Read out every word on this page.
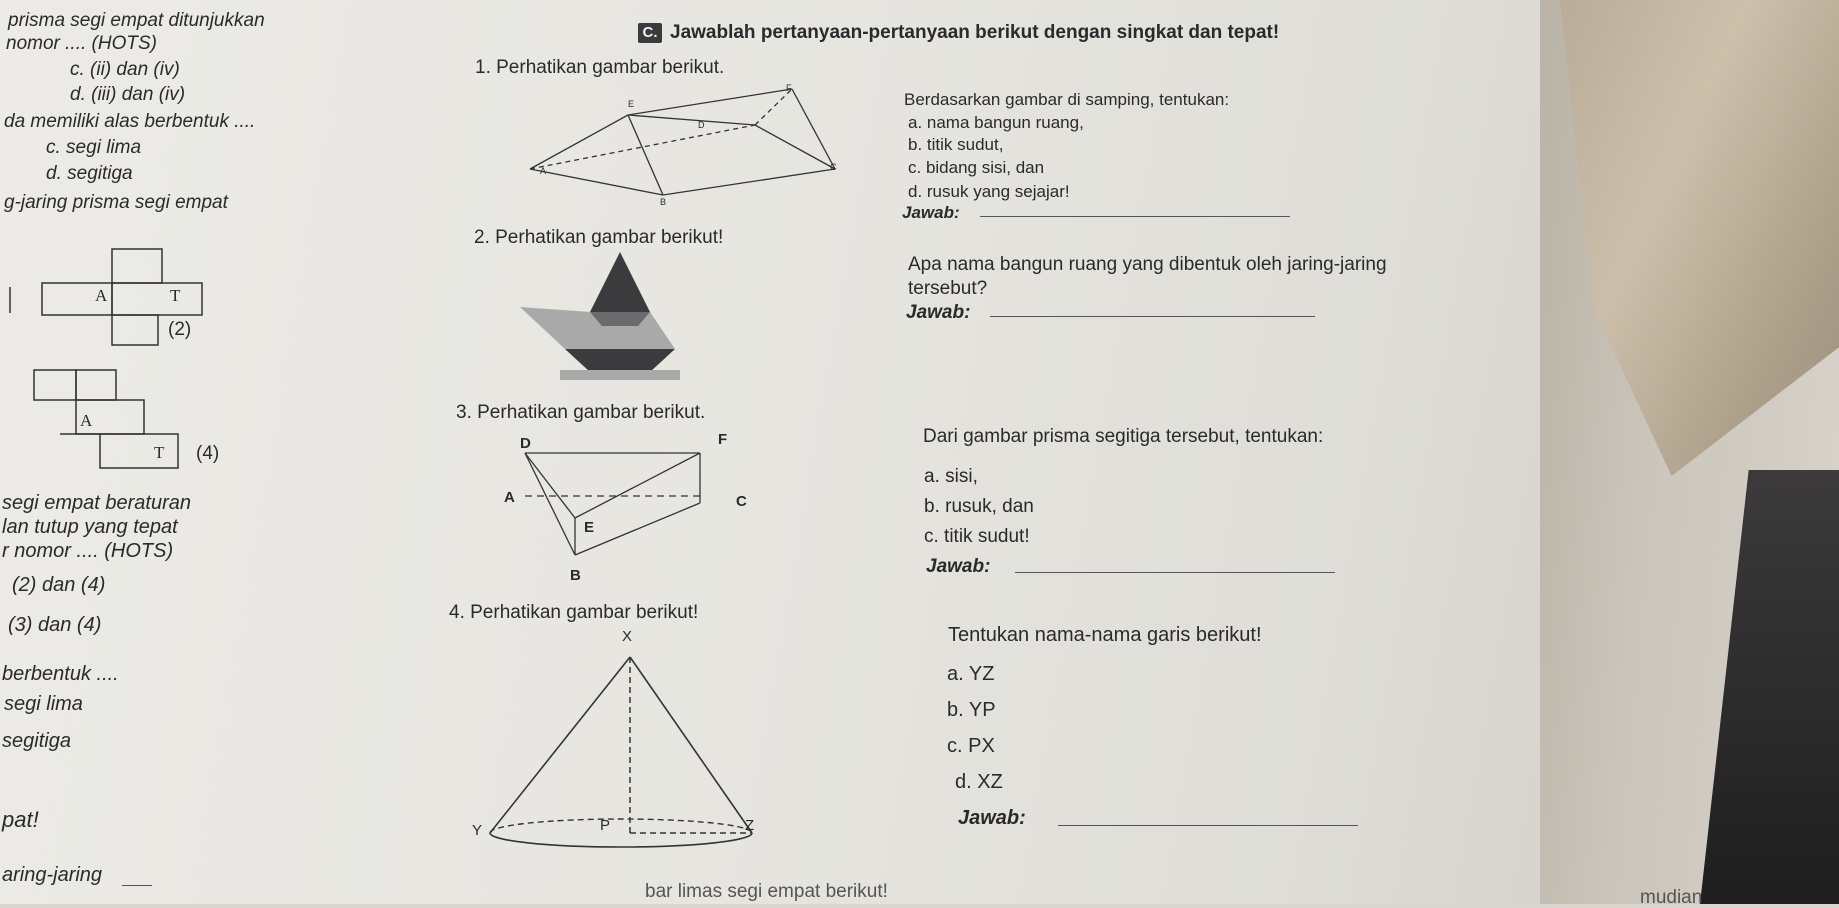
prisma segi empat ditunjukkan
nomor .... (HOTS)
c. (ii) dan (iv)
d. (iii) dan (iv)
da memiliki alas berbentuk ....
c. segi lima
d. segitiga
g-jaring prisma segi empat
A	T
(2)
A
T (4)
segi empat beraturan
lan tutup yang tepat
r nomor .... (HOTS)
(2) dan (4)
(3) dan (4)
berbentuk ....
segi lima
segitiga
pat!
aring-jaring
C. Jawablah pertanyaan-pertanyaan berikut dengan singkat dan tepat!
1. Perhatikan gambar berikut.
F
E
D
C
A
B
Berdasarkan gambar di samping, tentukan:
a. nama bangun ruang,
b. titik sudut,
c. bidang sisi, dan
d. rusuk yang sejajar!
Jawab:
2. Perhatikan gambar berikut!
Apa nama bangun ruang yang dibentuk oleh jaring-jaring
tersebut?
Jawab:
3. Perhatikan gambar berikut.
D	F
A	C
E
B
Dari gambar prisma segitiga tersebut, tentukan:
a. sisi,
b. rusuk, dan
c. titik sudut!
Jawab:
4. Perhatikan gambar berikut!
X
Y	P	Z
Tentukan nama-nama garis berikut!
a. YZ
b. YP
c. PX
d. XZ
Jawab:
bar limas segi empat berikut!	mudian
